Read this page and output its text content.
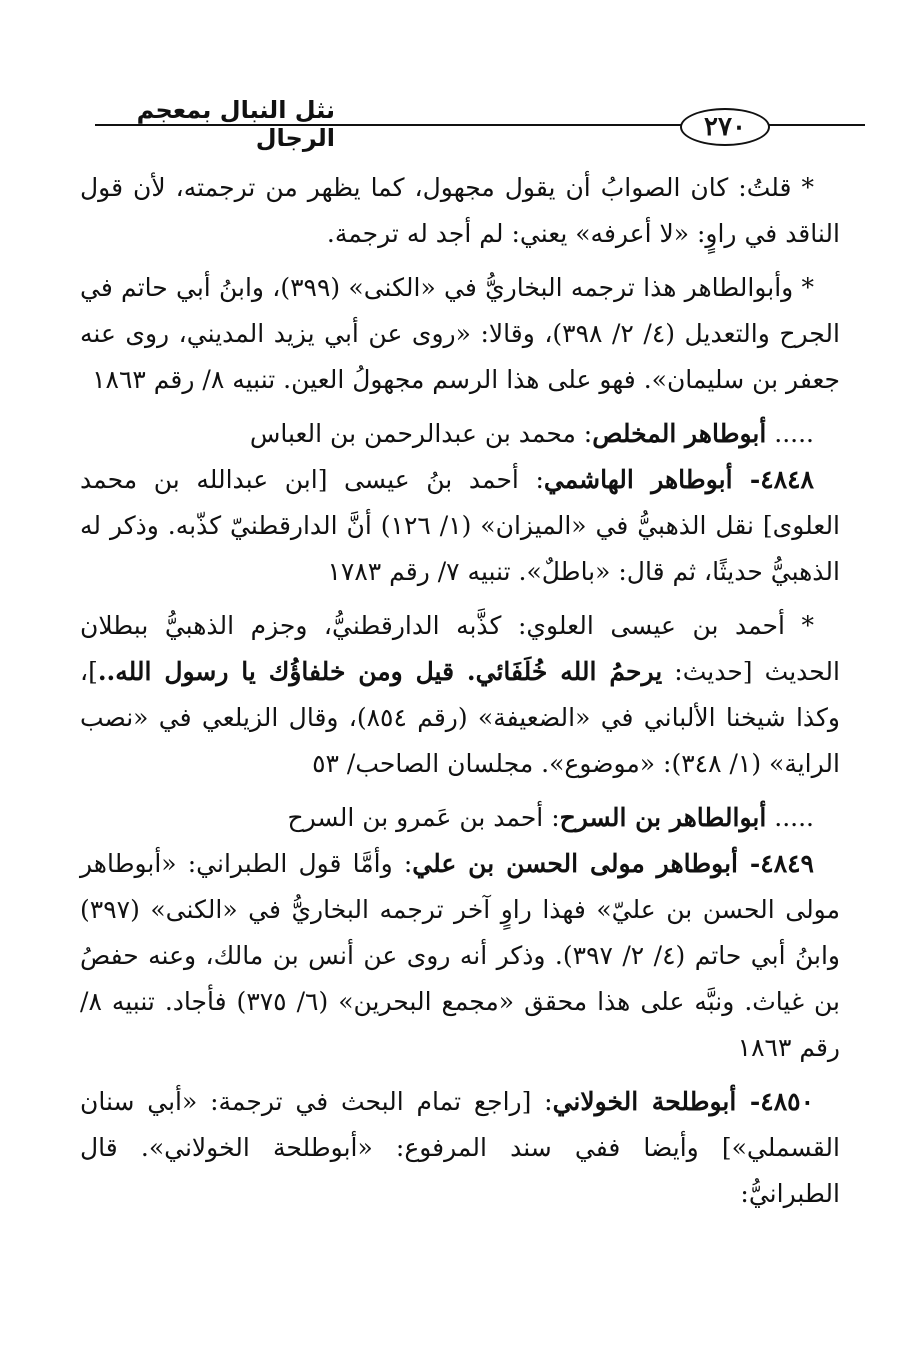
٢٧٠
نثل النبال بمعجم الرجال

* قلتُ: كان الصوابُ أن يقول مجهول، كما يظهر من ترجمته، لأن قول الناقد في راوٍ: «لا أعرفه» يعني: لم أجد له ترجمة.

* وأبوالطاهر هذا ترجمه البخاريُّ في «الكنى» (٣٩٩)، وابنُ أبي حاتم في الجرح والتعديل (٤/ ٢/ ٣٩٨)، وقالا: «روى عن أبي يزيد المديني، روى عنه جعفر بن سليمان». فهو على هذا الرسم مجهولُ العين. تنبيه ٨/ رقم ١٨٦٣

..... أبوطاهر المخلص: محمد بن عبدالرحمن بن العباس

٤٨٤٨- أبوطاهر الهاشمي: أحمد بنُ عيسى [ابن عبدالله بن محمد العلوى] نقل الذهبيُّ في «الميزان» (١/ ١٢٦) أنَّ الدارقطنيّ كذّبه. وذكر له الذهبيُّ حديثًا، ثم قال: «باطلٌ». تنبيه ٧/ رقم ١٧٨٣

* أحمد بن عيسى العلوي: كذَّبه الدارقطنيُّ، وجزم الذهبيُّ ببطلان الحديث [حديث: يرحمُ الله خُلَفَائي. قيل ومن خلفاؤُك يا رسول الله..]، وكذا شيخنا الألباني في «الضعيفة» (رقم ٨٥٤)، وقال الزيلعي في «نصب الراية» (١/ ٣٤٨): «موضوع». مجلسان الصاحب/ ٥٣

..... أبوالطاهر بن السرح: أحمد بن عَمرو بن السرح

٤٨٤٩- أبوطاهر مولى الحسن بن علي: وأمَّا قول الطبراني: «أبوطاهر مولى الحسن بن عليّ» فهذا راوٍ آخر ترجمه البخاريُّ في «الكنى» (٣٩٧) وابنُ أبي حاتم (٤/ ٢/ ٣٩٧). وذكر أنه روى عن أنس بن مالك، وعنه حفصُ بن غياث. ونبَّه على هذا محقق «مجمع البحرين» (٦/ ٣٧٥) فأجاد. تنبيه ٨/ رقم ١٨٦٣

٤٨٥٠- أبوطلحة الخولاني: [راجع تمام البحث في ترجمة: «أبي سنان القسملي»] وأيضا ففي سند المرفوع: «أبوطلحة الخولاني». قال الطبرانيُّ:
